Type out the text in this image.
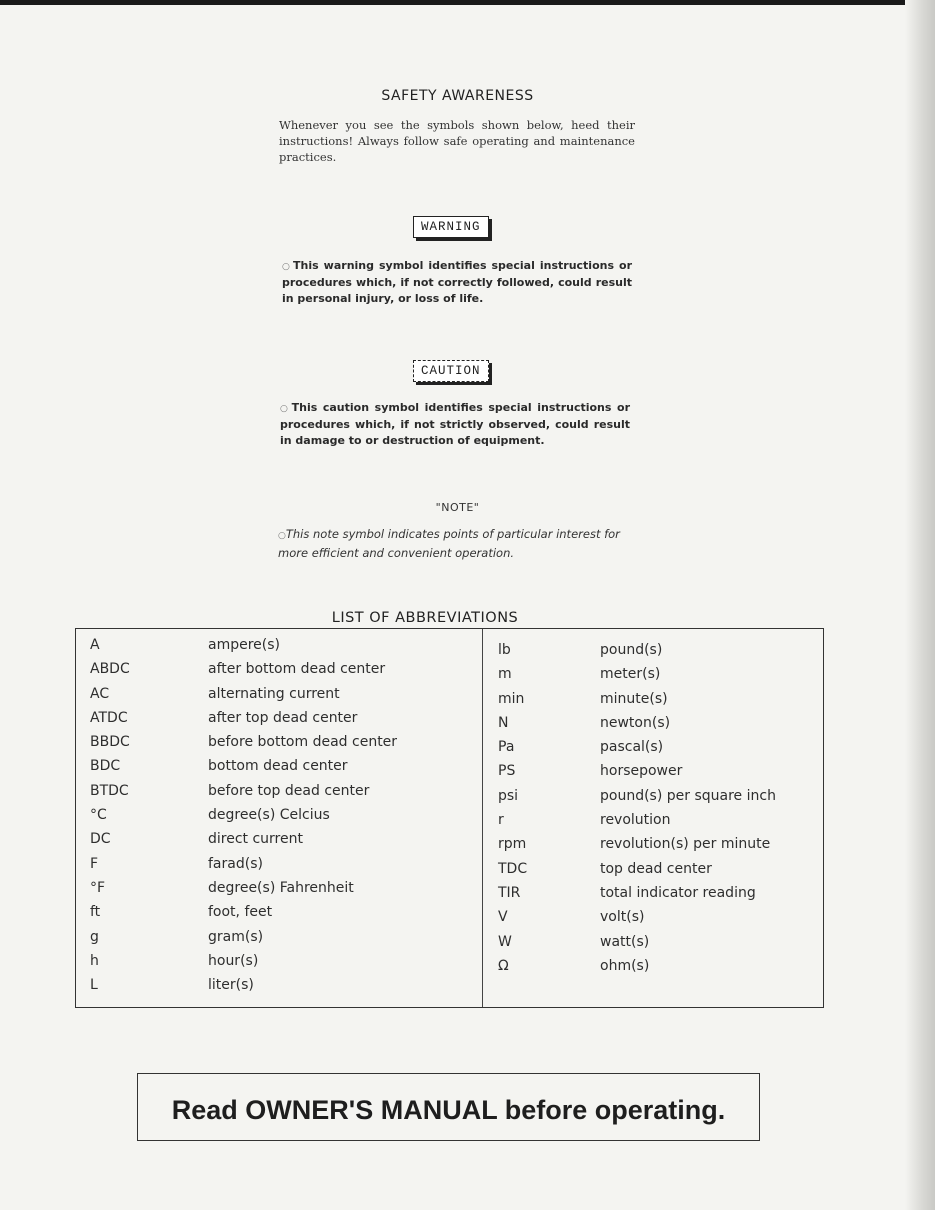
SAFETY AWARENESS
Whenever you see the symbols shown below, heed their instructions! Always follow safe operating and maintenance practices.
WARNING
○ This warning symbol identifies special instructions or procedures which, if not correctly followed, could result in personal injury, or loss of life.
CAUTION
○ This caution symbol identifies special instructions or procedures which, if not strictly observed, could result in damage to or destruction of equipment.
"NOTE"
○This note symbol indicates points of particular interest for more efficient and convenient operation.
LIST OF ABBREVIATIONS
A	ampere(s)
ABDC	after bottom dead center
AC	alternating current
ATDC	after top dead center
BBDC	before bottom dead center
BDC	bottom dead center
BTDC	before top dead center
°C	degree(s) Celcius
DC	direct current
F	farad(s)
°F	degree(s) Fahrenheit
ft	foot, feet
g	gram(s)
h	hour(s)
L	liter(s)
lb	pound(s)
m	meter(s)
min	minute(s)
N	newton(s)
Pa	pascal(s)
PS	horsepower
psi	pound(s) per square inch
r	revolution
rpm	revolution(s) per minute
TDC	top dead center
TIR	total indicator reading
V	volt(s)
W	watt(s)
Ω	ohm(s)
Read OWNER'S MANUAL before operating.
